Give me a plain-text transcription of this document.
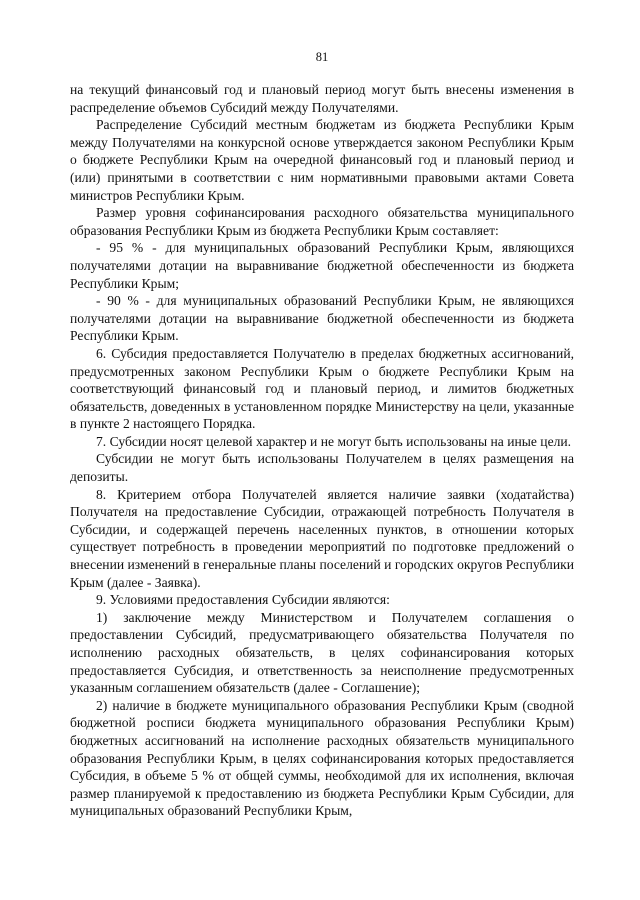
81

на текущий финансовый год и плановый период могут быть внесены изменения в распределение объемов Субсидий между Получателями.

Распределение Субсидий местным бюджетам из бюджета Республики Крым между Получателями на конкурсной основе утверждается законом Республики Крым о бюджете Республики Крым на очередной финансовый год и плановый период и (или) принятыми в соответствии с ним нормативными правовыми актами Совета министров Республики Крым.

Размер уровня софинансирования расходного обязательства муниципального образования Республики Крым из бюджета Республики Крым составляет:

- 95 % - для муниципальных образований Республики Крым, являющихся получателями дотации на выравнивание бюджетной обеспеченности из бюджета Республики Крым;

- 90 % - для муниципальных образований Республики Крым, не являющихся получателями дотации на выравнивание бюджетной обеспеченности из бюджета Республики Крым.

6. Субсидия предоставляется Получателю в пределах бюджетных ассигнований, предусмотренных законом Республики Крым о бюджете Республики Крым на соответствующий финансовый год и плановый период, и лимитов бюджетных обязательств, доведенных в установленном порядке Министерству на цели, указанные в пункте 2 настоящего Порядка.

7. Субсидии носят целевой характер и не могут быть использованы на иные цели.

Субсидии не могут быть использованы Получателем в целях размещения на депозиты.

8. Критерием отбора Получателей является наличие заявки (ходатайства) Получателя на предоставление Субсидии, отражающей потребность Получателя в Субсидии, и содержащей перечень населенных пунктов, в отношении которых существует потребность в проведении мероприятий по подготовке предложений о внесении изменений в генеральные планы поселений и городских округов Республики Крым (далее - Заявка).

9. Условиями предоставления Субсидии являются:

1) заключение между Министерством и Получателем соглашения о предоставлении Субсидий, предусматривающего обязательства Получателя по исполнению расходных обязательств, в целях софинансирования которых предоставляется Субсидия, и ответственность за неисполнение предусмотренных указанным соглашением обязательств (далее - Соглашение);

2) наличие в бюджете муниципального образования Республики Крым (сводной бюджетной росписи бюджета муниципального образования Республики Крым) бюджетных ассигнований на исполнение расходных обязательств муниципального образования Республики Крым, в целях софинансирования которых предоставляется Субсидия, в объеме 5 % от общей суммы, необходимой для их исполнения, включая размер планируемой к предоставлению из бюджета Республики Крым Субсидии, для муниципальных образований Республики Крым,
